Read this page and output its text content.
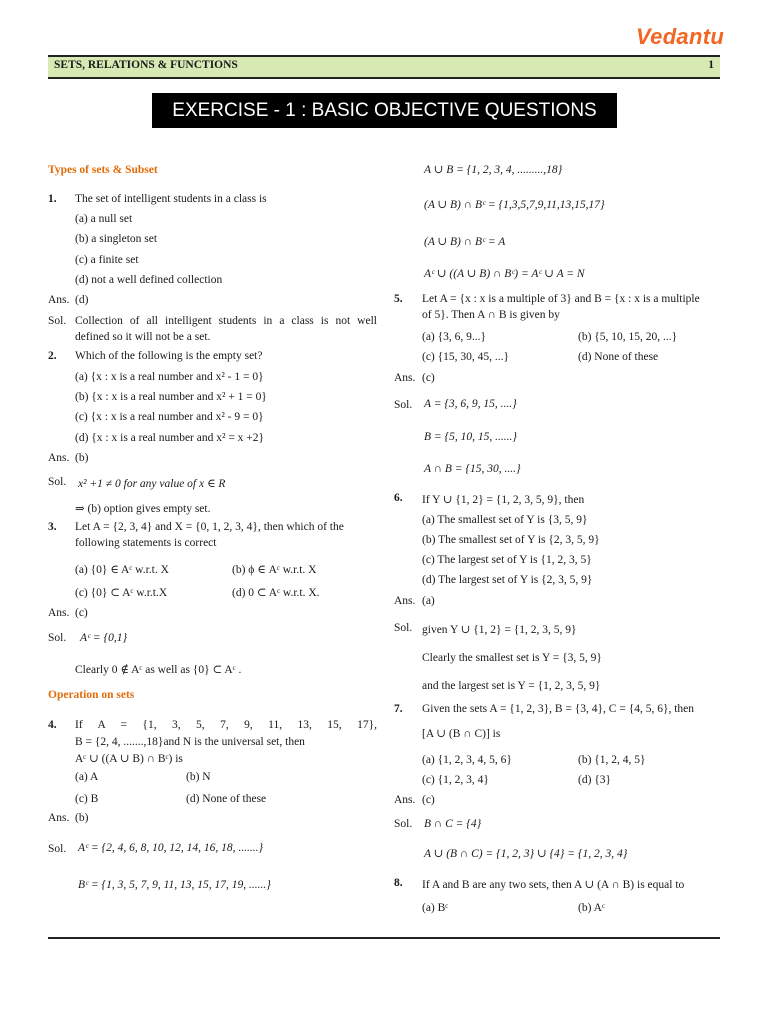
Vedantu
SETS, RELATIONS & FUNCTIONS	1
EXERCISE - 1 : BASIC OBJECTIVE QUESTIONS
Types of sets & Subset
1. The set of intelligent students in a class is
(a) a null set
(b) a singleton set
(c) a finite set
(d) not a well defined collection
Ans. (d)
Sol. Collection of all intelligent students in a class is not well
defined so it will not be a set.
2. Which of the following is the empty set?
(a) {x : x is a real number and x² - 1 = 0}
(b) {x : x is a real number and x² + 1 = 0}
(c) {x : x is a real number and x² - 9 = 0}
(d) {x : x is a real number and x² = x +2}
Ans. (b)
Sol. x² +1 ≠ 0 for any value of x ∈ R
⇒ (b) option gives empty set.
3. Let A = {2, 3, 4} and X = {0, 1, 2, 3, 4}, then which of the
following statements is correct
(a) {0} ∈ Aᶜ w.r.t. X	(b) ϕ ∈ Aᶜ w.r.t. X
(c) {0} ⊂ Aᶜ w.r.t.X	(d) 0 ⊂ Aᶜ w.r.t. X.
Ans. (c)
Sol. Aᶜ = {0,1}
Clearly 0 ∉ Aᶜ as well as {0} ⊂ Aᶜ .
Operation on sets
4. If A = {1, 3, 5, 7, 9, 11, 13, 15, 17},
B = {2, 4, .......,18}and N is the universal set, then
Aᶜ ∪ ((A ∪ B) ∩ Bᶜ) is
(a) A	(b) N
(c) B	(d) None of these
Ans. (b)
Sol. Aᶜ = {2, 4, 6, 8, 10, 12, 14, 16, 18, .......}
Bᶜ = {1, 3, 5, 7, 9, 11, 13, 15, 17, 19, ......}
A ∪ B = {1, 2, 3, 4, .........,18}
(A ∪ B) ∩ Bᶜ = {1,3,5,7,9,11,13,15,17}
(A ∪ B) ∩ Bᶜ = A
Aᶜ ∪ ((A ∪ B) ∩ Bᶜ) = Aᶜ ∪ A = N
5. Let A = {x : x is a multiple of 3} and B = {x : x is a multiple
of 5}. Then A ∩ B is given by
(a) {3, 6, 9...}	(b) {5, 10, 15, 20, ...}
(c) {15, 30, 45, ...}	(d) None of these
Ans. (c)
Sol. A = {3, 6, 9, 15, ....}
B = {5, 10, 15, ......}
A ∩ B = {15, 30, ....}
6. If Y ∪ {1, 2} = {1, 2, 3, 5, 9}, then
(a) The smallest set of Y is {3, 5, 9}
(b) The smallest set of Y is {2, 3, 5, 9}
(c) The largest set of Y is {1, 2, 3, 5}
(d) The largest set of Y is {2, 3, 5, 9}
Ans. (a)
Sol. given Y ∪ {1, 2} = {1, 2, 3, 5, 9}
Clearly the smallest set is Y = {3, 5, 9}
and the largest set is Y = {1, 2, 3, 5, 9}
7. Given the sets A = {1, 2, 3}, B = {3, 4}, C = {4, 5, 6}, then
[A ∪ (B ∩ C)] is
(a) {1, 2, 3, 4, 5, 6}	(b) {1, 2, 4, 5}
(c) {1, 2, 3, 4}	(d) {3}
Ans. (c)
Sol. B ∩ C = {4}
A ∪ (B ∩ C) = {1, 2, 3} ∪ {4} = {1, 2, 3, 4}
8. If A and B are any two sets, then A ∪ (A ∩ B) is equal to
(a) Bᶜ	(b) Aᶜ
